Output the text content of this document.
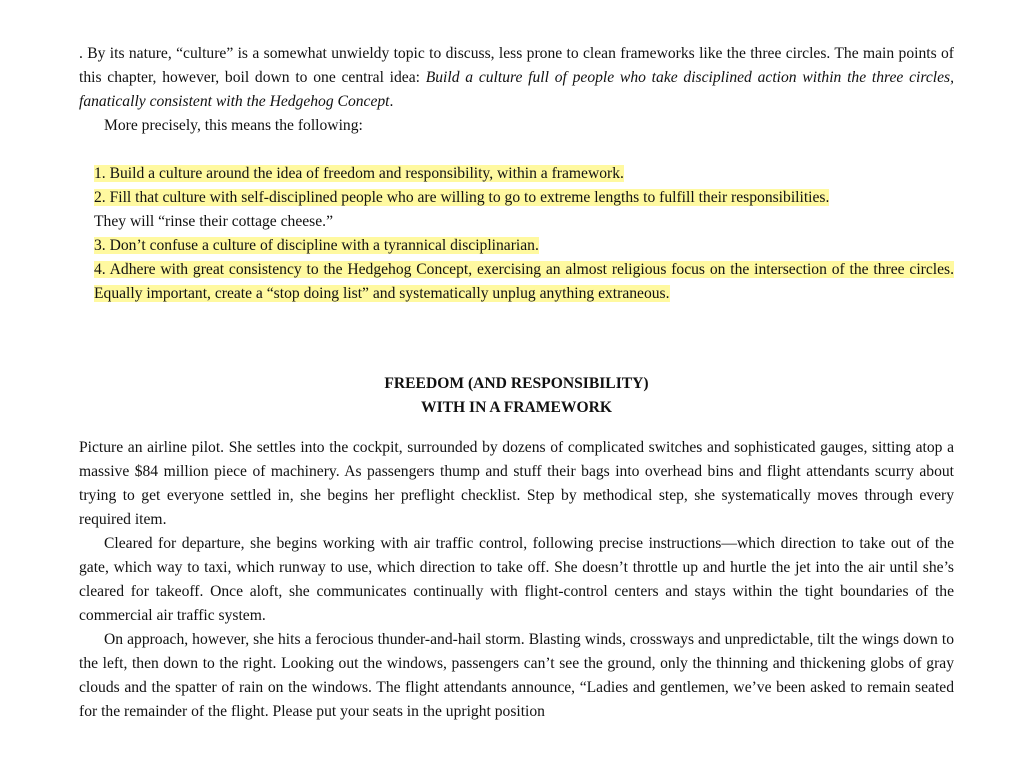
. By its nature, “culture” is a somewhat unwieldy topic to discuss, less prone to clean frameworks like the three circles. The main points of this chapter, however, boil down to one central idea: Build a culture full of people who take disciplined action within the three circles, fanatically consistent with the Hedgehog Concept.

More precisely, this means the following:

1. Build a culture around the idea of freedom and responsibility, within a framework.

2. Fill that culture with self-disciplined people who are willing to go to extreme lengths to fulfill their responsibilities.

They will “rinse their cottage cheese.”

3. Don’t confuse a culture of discipline with a tyrannical disciplinarian.

4. Adhere with great consistency to the Hedgehog Concept, exercising an almost religious focus on the intersection of the three circles. Equally important, create a “stop doing list” and systematically unplug anything extraneous.

FREEDOM (AND RESPONSIBILITY)
WITH IN A FRAMEWORK

Picture an airline pilot. She settles into the cockpit, surrounded by dozens of complicated switches and sophisticated gauges, sitting atop a massive $84 million piece of machinery. As passengers thump and stuff their bags into overhead bins and flight attendants scurry about trying to get everyone settled in, she begins her preflight checklist. Step by methodical step, she systematically moves through every required item.

Cleared for departure, she begins working with air traffic control, following precise instructions—which direction to take out of the gate, which way to taxi, which runway to use, which direction to take off. She doesn’t throttle up and hurtle the jet into the air until she’s cleared for takeoff. Once aloft, she communicates continually with flight-control centers and stays within the tight boundaries of the commercial air traffic system.

On approach, however, she hits a ferocious thunder-and-hail storm. Blasting winds, crossways and unpredictable, tilt the wings down to the left, then down to the right. Looking out the windows, passengers can’t see the ground, only the thinning and thickening globs of gray clouds and the spatter of rain on the windows. The flight attendants announce, “Ladies and gentlemen, we’ve been asked to remain seated for the remainder of the flight. Please put your seats in the upright position
